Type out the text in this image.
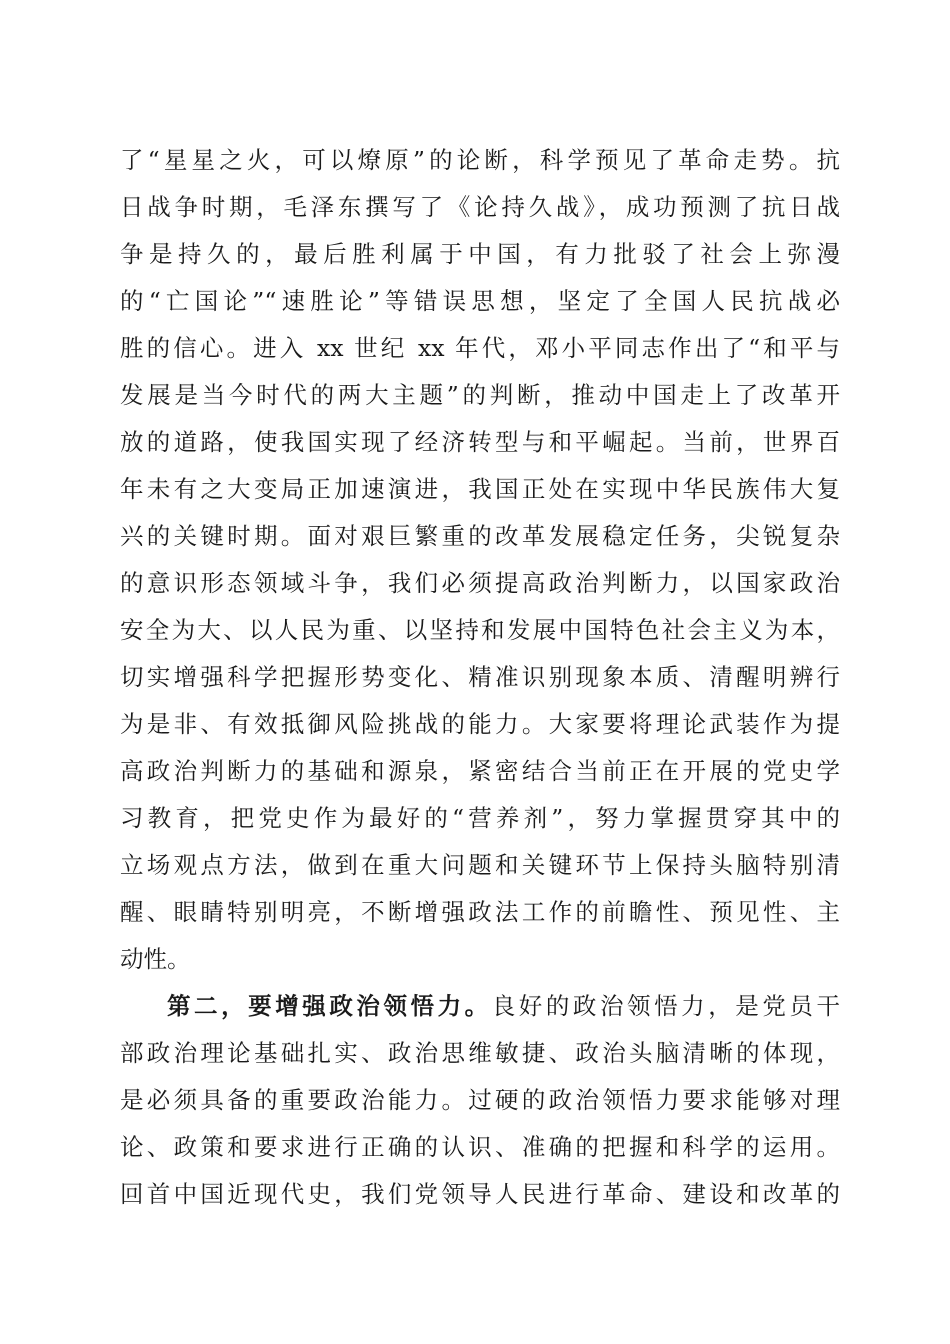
了“星星之火，可以燎原”的论断，科学预见了革命走势。抗
日战争时期，毛泽东撰写了《论持久战》，成功预测了抗日战
争是持久的，最后胜利属于中国，有力批驳了社会上弥漫
的“亡国论”“速胜论”等错误思想，坚定了全国人民抗战必
胜的信心。进入 xx 世纪 xx 年代，邓小平同志作出了“和平与
发展是当今时代的两大主题”的判断，推动中国走上了改革开
放的道路，使我国实现了经济转型与和平崛起。当前，世界百
年未有之大变局正加速演进，我国正处在实现中华民族伟大复
兴的关键时期。面对艰巨繁重的改革发展稳定任务，尖锐复杂
的意识形态领域斗争，我们必须提高政治判断力，以国家政治
安全为大、以人民为重、以坚持和发展中国特色社会主义为本，
切实增强科学把握形势变化、精准识别现象本质、清醒明辨行
为是非、有效抵御风险挑战的能力。大家要将理论武装作为提
高政治判断力的基础和源泉，紧密结合当前正在开展的党史学
习教育，把党史作为最好的“营养剂”，努力掌握贯穿其中的
立场观点方法，做到在重大问题和关键环节上保持头脑特别清
醒、眼睛特别明亮，不断增强政法工作的前瞻性、预见性、主
动性。
第二，要增强政治领悟力。良好的政治领悟力，是党员干
部政治理论基础扎实、政治思维敏捷、政治头脑清晰的体现，
是必须具备的重要政治能力。过硬的政治领悟力要求能够对理
论、政策和要求进行正确的认识、准确的把握和科学的运用。
回首中国近现代史，我们党领导人民进行革命、建设和改革的
